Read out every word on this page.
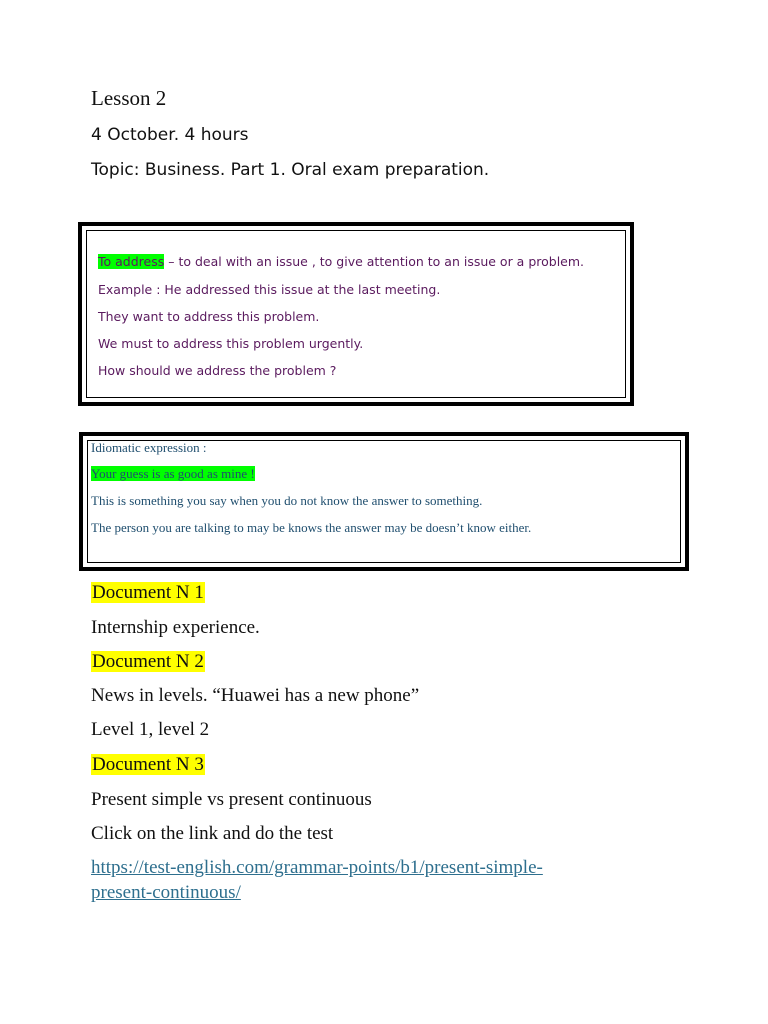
Lesson 2
4 October. 4 hours
Topic: Business. Part 1. Oral exam preparation.
To address – to deal with an issue , to give attention to an issue or a problem.
Example : He addressed this issue at the last meeting.
They want to address this problem.
We must to address this problem urgently.
How should we address the problem ?
Idiomatic expression :
Your guess is as good as mine !
This is something you say when you do not know the answer to something.
The person you are talking to may be knows the answer may be doesn’t know either.
Document N 1
Internship experience.
Document N 2
News in levels. “Huawei has a new phone”
Level 1, level 2
Document N 3
Present simple vs present continuous
Click on the link and do the test
https://test-english.com/grammar-points/b1/present-simple-
present-continuous/
